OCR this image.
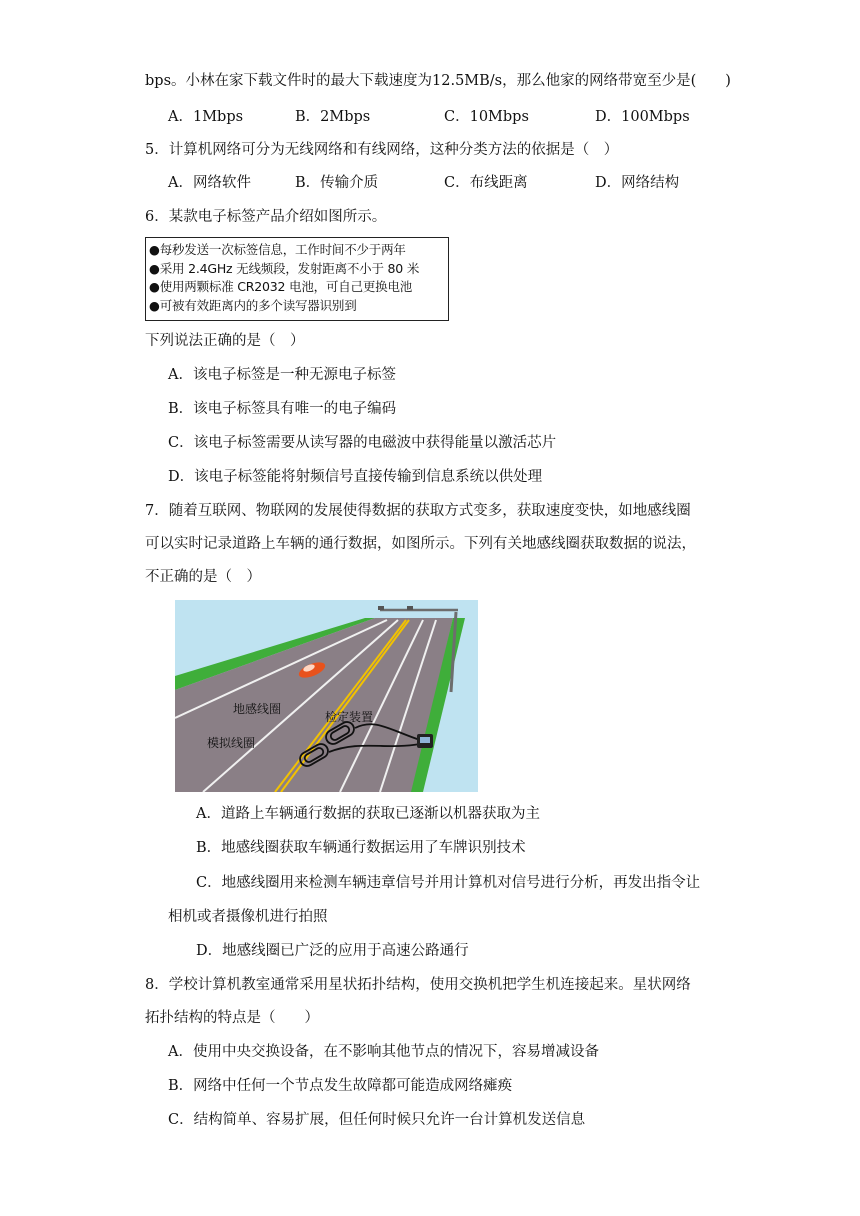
bps。小林在家下载文件时的最大下载速度为12.5MB/s，那么他家的网络带宽至少是(　　)
A．1Mbps	B．2Mbps	C．10Mbps	D．100Mbps
5．计算机网络可分为无线网络和有线网络，这种分类方法的依据是（　）
A．网络软件	B．传输介质	C．布线距离	D．网络结构
6．某款电子标签产品介绍如图所示。
●每秒发送一次标签信息，工作时间不少于两年
●采用 2.4GHz 无线频段，发射距离不小于 80 米
●使用两颗标准 CR2032 电池，可自己更换电池
●可被有效距离内的多个读写器识别到
下列说法正确的是（　）
A．该电子标签是一种无源电子标签
B．该电子标签具有唯一的电子编码
C．该电子标签需要从读写器的电磁波中获得能量以激活芯片
D．该电子标签能将射频信号直接传输到信息系统以供处理
7．随着互联网、物联网的发展使得数据的获取方式变多，获取速度变快，如地感线圈
可以实时记录道路上车辆的通行数据，如图所示。下列有关地感线圈获取数据的说法，
不正确的是（　）
地感线圈
检定装置
模拟线圈
A．道路上车辆通行数据的获取已逐渐以机器获取为主
B．地感线圈获取车辆通行数据运用了车牌识别技术
C．地感线圈用来检测车辆违章信号并用计算机对信号进行分析，再发出指令让
相机或者摄像机进行拍照
D．地感线圈已广泛的应用于高速公路通行
8．学校计算机教室通常采用星状拓扑结构，使用交换机把学生机连接起来。星状网络
拓扑结构的特点是（　　）
A．使用中央交换设备，在不影响其他节点的情况下，容易增减设备
B．网络中任何一个节点发生故障都可能造成网络瘫痪
C．结构简单、容易扩展，但任何时候只允许一台计算机发送信息
